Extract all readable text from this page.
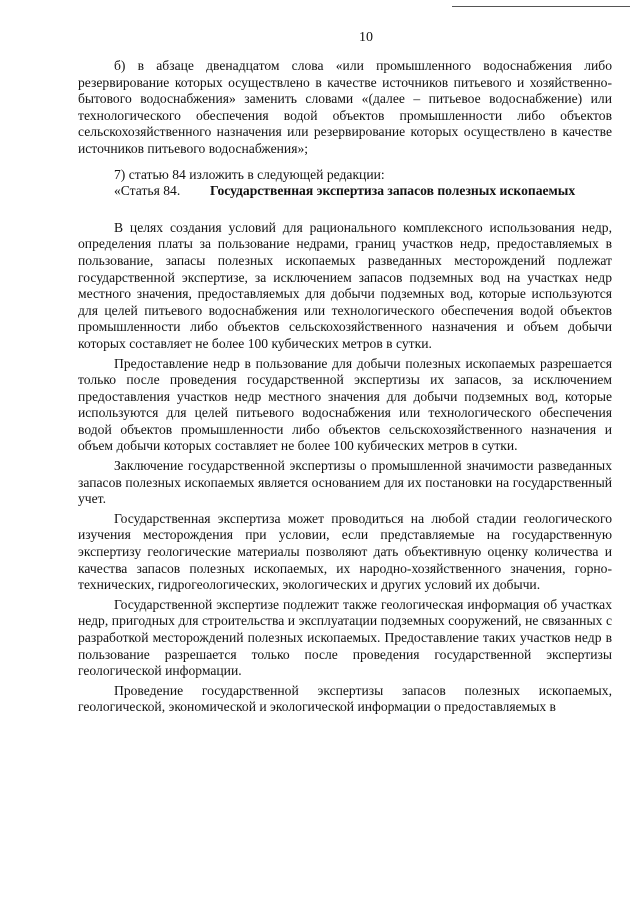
10

б) в абзаце двенадцатом слова «или промышленного водоснабжения либо резервирование которых осуществлено в качестве источников питьевого и хозяйственно-бытового водоснабжения» заменить словами «(далее – питьевое водоснабжение) или технологического обеспечения водой объектов промышленности либо объектов сельскохозяйственного назначения или резервирование которых осуществлено в качестве источников питьевого водоснабжения»;

7) статью 84 изложить в следующей редакции:

«Статья 84.	Государственная экспертиза запасов полезных ископаемых

В целях создания условий для рационального комплексного использования недр, определения платы за пользование недрами, границ участков недр, предоставляемых в пользование, запасы полезных ископаемых разведанных месторождений подлежат государственной экспертизе, за исключением запасов подземных вод на участках недр местного значения, предоставляемых для добычи подземных вод, которые используются для целей питьевого водоснабжения или технологического обеспечения водой объектов промышленности либо объектов сельскохозяйственного назначения и объем добычи которых составляет не более 100 кубических метров в сутки.

Предоставление недр в пользование для добычи полезных ископаемых разрешается только после проведения государственной экспертизы их запасов, за исключением предоставления участков недр местного значения для добычи подземных вод, которые используются для целей питьевого водоснабжения или технологического обеспечения водой объектов промышленности либо объектов сельскохозяйственного назначения и объем добычи которых составляет не более 100 кубических метров в сутки.

Заключение государственной экспертизы о промышленной значимости разведанных запасов полезных ископаемых является основанием для их постановки на государственный учет.

Государственная экспертиза может проводиться на любой стадии геологического изучения месторождения при условии, если представляемые на государственную экспертизу геологические материалы позволяют дать объективную оценку количества и качества запасов полезных ископаемых, их народно-хозяйственного значения, горно-технических, гидрогеологических, экологических и других условий их добычи.

Государственной экспертизе подлежит также геологическая информация об участках недр, пригодных для строительства и эксплуатации подземных сооружений, не связанных с разработкой месторождений полезных ископаемых. Предоставление таких участков недр в пользование разрешается только после проведения государственной экспертизы геологической информации.

Проведение государственной экспертизы запасов полезных ископаемых, геологической, экономической и экологической информации о предоставляемых в
